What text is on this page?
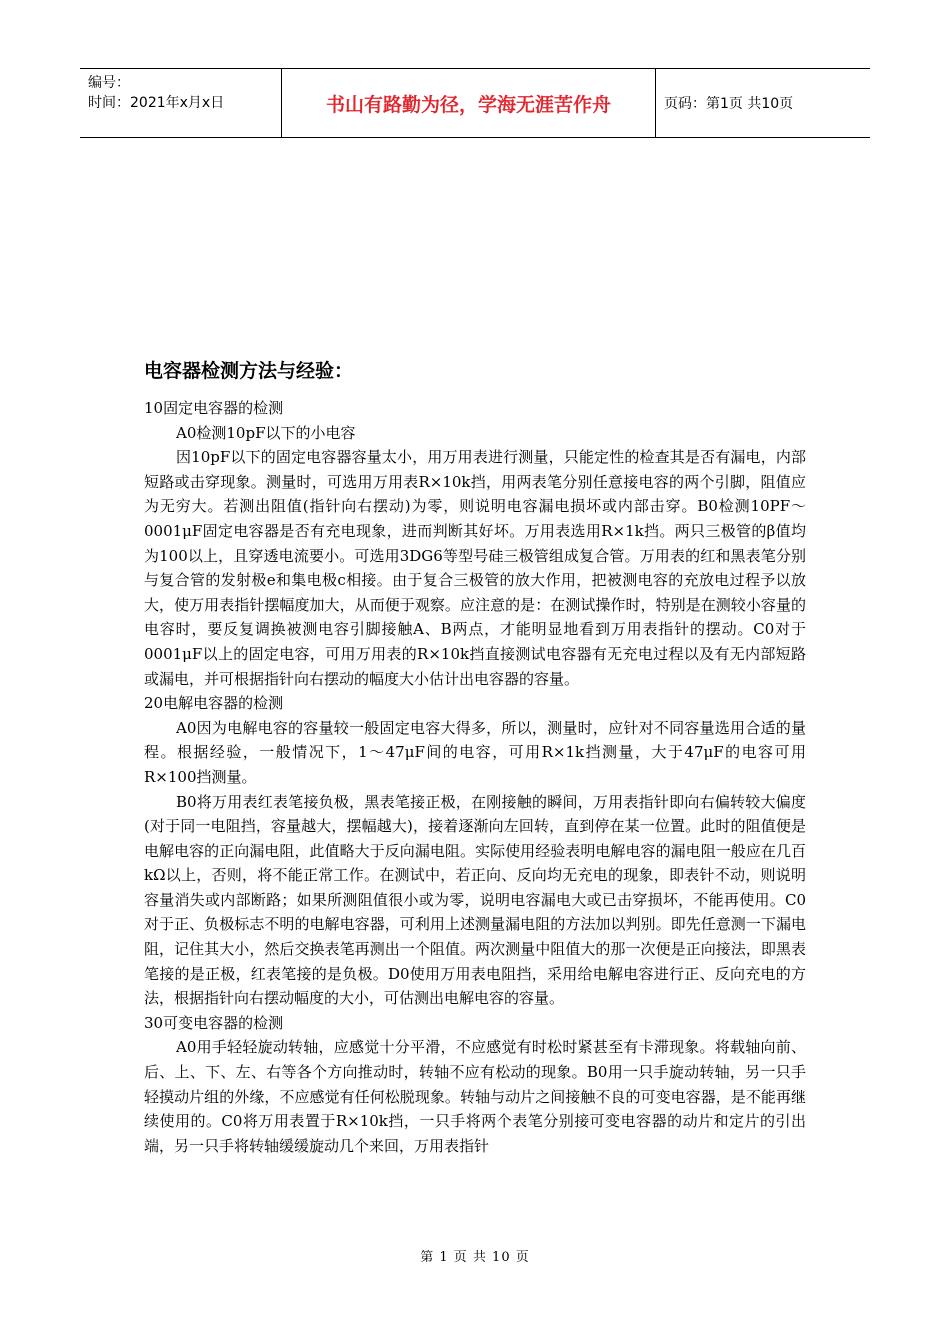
编号：
时间：2021年x月x日	书山有路勤为径，学海无涯苦作舟	页码：第1页 共10页
电容器检测方法与经验：

10固定电容器的检测

A0检测10pF以下的小电容

因10pF以下的固定电容器容量太小，用万用表进行测量，只能定性的检查其是否有漏电，内部短路或击穿现象。测量时，可选用万用表R×10k挡，用两表笔分别任意接电容的两个引脚，阻值应为无穷大。若测出阻值(指针向右摆动)为零，则说明电容漏电损坏或内部击穿。B0检测10PF～0001μF固定电容器是否有充电现象，进而判断其好坏。万用表选用R×1k挡。两只三极管的β值均为100以上，且穿透电流要小。可选用3DG6等型号硅三极管组成复合管。万用表的红和黑表笔分别与复合管的发射极e和集电极c相接。由于复合三极管的放大作用，把被测电容的充放电过程予以放大，使万用表指针摆幅度加大，从而便于观察。应注意的是：在测试操作时，特别是在测较小容量的电容时，要反复调换被测电容引脚接触A、B两点，才能明显地看到万用表指针的摆动。C0对于0001μF以上的固定电容，可用万用表的R×10k挡直接测试电容器有无充电过程以及有无内部短路或漏电，并可根据指针向右摆动的幅度大小估计出电容器的容量。

20电解电容器的检测

A0因为电解电容的容量较一般固定电容大得多，所以，测量时，应针对不同容量选用合适的量程。根据经验，一般情况下，1～47μF间的电容，可用R×1k挡测量，大于47μF的电容可用R×100挡测量。

B0将万用表红表笔接负极，黑表笔接正极，在刚接触的瞬间，万用表指针即向右偏转较大偏度(对于同一电阻挡，容量越大，摆幅越大)，接着逐渐向左回转，直到停在某一位置。此时的阻值便是电解电容的正向漏电阻，此值略大于反向漏电阻。实际使用经验表明电解电容的漏电阻一般应在几百kΩ以上，否则，将不能正常工作。在测试中，若正向、反向均无充电的现象，即表针不动，则说明容量消失或内部断路；如果所测阻值很小或为零，说明电容漏电大或已击穿损坏，不能再使用。C0对于正、负极标志不明的电解电容器，可利用上述测量漏电阻的方法加以判别。即先任意测一下漏电阻，记住其大小，然后交换表笔再测出一个阻值。两次测量中阻值大的那一次便是正向接法，即黑表笔接的是正极，红表笔接的是负极。D0使用万用表电阻挡，采用给电解电容进行正、反向充电的方法，根据指针向右摆动幅度的大小，可估测出电解电容的容量。

30可变电容器的检测

A0用手轻轻旋动转轴，应感觉十分平滑，不应感觉有时松时紧甚至有卡滞现象。将载轴向前、后、上、下、左、右等各个方向推动时，转轴不应有松动的现象。B0用一只手旋动转轴，另一只手轻摸动片组的外缘，不应感觉有任何松脱现象。转轴与动片之间接触不良的可变电容器，是不能再继续使用的。C0将万用表置于R×10k挡，一只手将两个表笔分别接可变电容器的动片和定片的引出端，另一只手将转轴缓缓旋动几个来回，万用表指针

第 1 页 共 10 页
